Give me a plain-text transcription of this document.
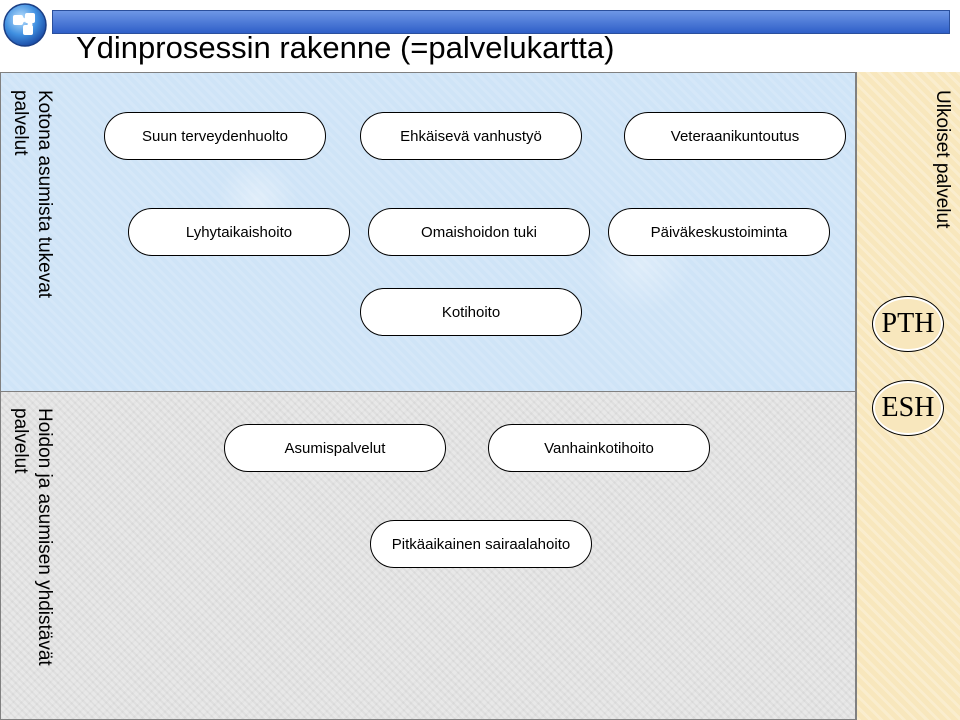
Ydinprosessin rakenne (=palvelukartta)
Kotona asumista tukevat
palvelut
Hoidon ja asumisen yhdistävät
palvelut
Ulkoiset palvelut
Suun terveydenhuolto	Ehkäisevä vanhustyö	Veteraanikuntoutus
Lyhytaikaishoito	Omaishoidon tuki	Päiväkeskustoiminta
Kotihoito
Asumispalvelut	Vanhainkotihoito
Pitkäaikainen sairaalahoito
PTH
ESH
